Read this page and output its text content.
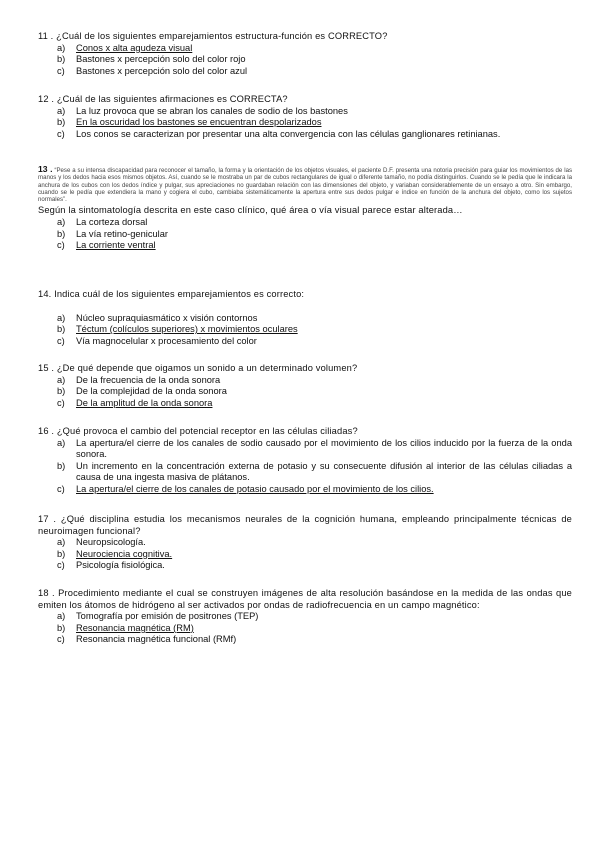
11 . ¿Cuál de los siguientes emparejamientos estructura-función es CORRECTO?

a)	Conos x alta agudeza visual
b)	Bastones x percepción solo del color rojo
c)	Bastones x percepción solo del color azul

12 . ¿Cuál de las siguientes afirmaciones es CORRECTA?

a)	La luz provoca que se abran los canales de sodio de los bastones
b)	En la oscuridad los bastones se encuentran despolarizados
c)	Los conos se caracterizan por presentar una alta convergencia con las células ganglionares retinianas.

13 . “Pese a su intensa discapacidad para reconocer el tamaño, la forma y la orientación de los objetos visuales, el paciente D.F. presenta una notoria precisión para guiar los movimientos de las manos y los dedos hacia esos mismos objetos. Así, cuando se le mostraba un par de cubos rectangulares de igual o diferente tamaño, no podía distinguirlos. Cuando se le pedía que le indicara la anchura de los cubos con los dedos índice y pulgar, sus apreciaciones no guardaban relación con las dimensiones del objeto, y variaban considerablemente de un ensayo a otro. Sin embargo, cuando se le pedía que extendiera la mano y cogiera el cubo, cambiaba sistemáticamente la apertura entre sus dedos pulgar e índice en función de la anchura del objeto, como los sujetos normales”.

Según la sintomatología descrita en este caso clínico, qué área o vía visual parece estar alterada…

a)	La corteza dorsal
b)	La vía retino-genicular
c)	La corriente ventral

14. Indica cuál de los siguientes emparejamientos es correcto:

a)	Núcleo supraquiasmático x visión contornos
b)	Téctum (colículos superiores) x movimientos oculares
c)	Vía magnocelular x procesamiento del color

15 . ¿De qué depende que oigamos un sonido a un determinado volumen?

a)	De la frecuencia de la onda sonora
b)	De la complejidad de la onda sonora
c)	De la amplitud de la onda sonora

16 . ¿Qué provoca el cambio del potencial receptor en las células ciliadas?

a)	La apertura/el cierre de los canales de sodio causado por el movimiento de los cilios inducido por la fuerza de la onda sonora.
b)	Un incremento en la concentración externa de potasio y su consecuente difusión al interior de las células ciliadas a causa de una ingesta masiva de plátanos.
c)	La apertura/el cierre de los canales de potasio causado por el movimiento de los cilios.

17 . ¿Qué disciplina estudia los mecanismos neurales de la cognición humana, empleando principalmente técnicas de neuroimagen funcional?

a)	Neuropsicología.
b)	Neurociencia cognitiva.
c)	Psicología fisiológica.

18 . Procedimiento mediante el cual se construyen imágenes de alta resolución basándose en la medida de las ondas que emiten los átomos de hidrógeno al ser activados por ondas de radiofrecuencia en un campo magnético:

a)	Tomografía por emisión de positrones (TEP)
b)	Resonancia magnética (RM)
c)	Resonancia magnética funcional (RMf)
